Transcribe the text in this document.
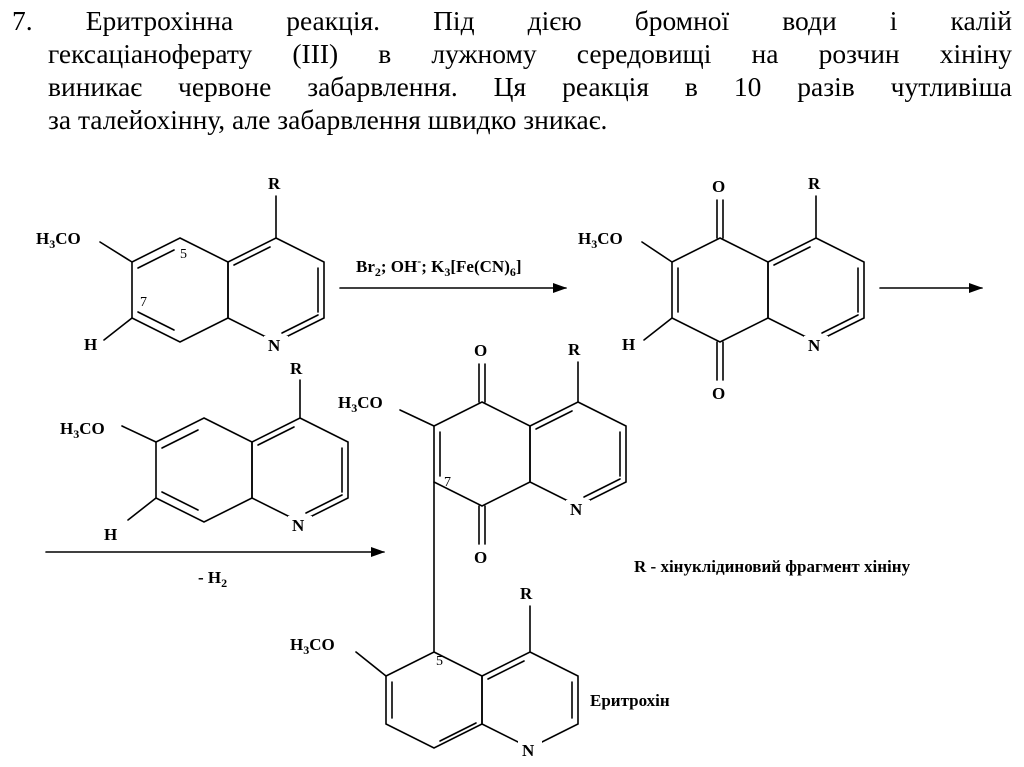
7. Еритрохінна реакція. Під дією бромної води і калій
гексаціаноферату (ІІІ) в лужному середовищі на розчин хініну
виникає червоне забарвлення. Ця реакція в 10 разів чутливіша
за талейохінну, але забарвлення швидко зникає.
N
R
$H_3CO$
H
5
7
$Br_2$; OH-; $K_3[Fe(CN)_6]$
N
O
O
R
$H_3CO$
H
N
R
$H_3CO$
H
- $H_2$
N
O
O
R
$H_3CO$
7
N
R
$H_3CO$
5
R - хінуклідиновий фрагмент хініну
Еритрохін
